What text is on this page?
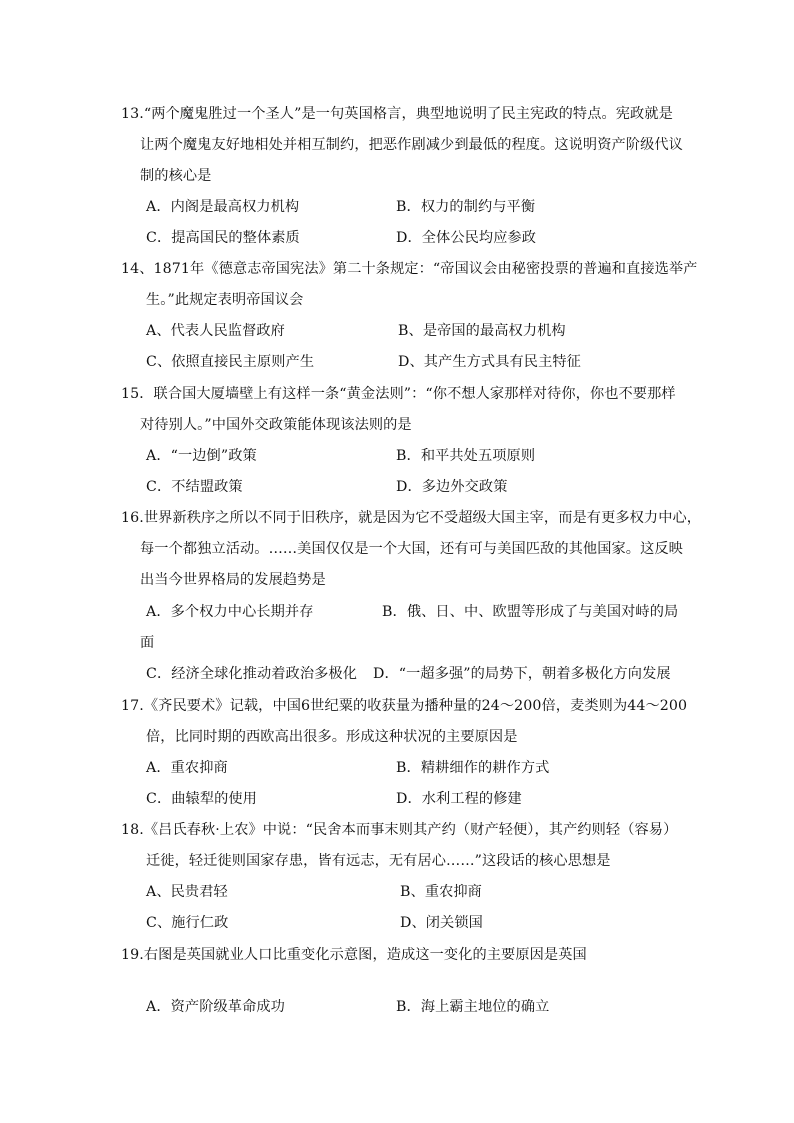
13.“两个魔鬼胜过一个圣人”是一句英国格言，典型地说明了民主宪政的特点。宪政就是
让两个魔鬼友好地相处并相互制约，把恶作剧减少到最低的程度。这说明资产阶级代议
制的核心是
A．内阁是最高权力机构	B．权力的制约与平衡
C．提高国民的整体素质	D．全体公民均应参政
14、1871年《德意志帝国宪法》第二十条规定：“帝国议会由秘密投票的普遍和直接选举产
生。”此规定表明帝国议会
A、代表人民监督政府	B、是帝国的最高权力机构
C、依照直接民主原则产生	D、其产生方式具有民主特征
15．联合国大厦墙壁上有这样一条“黄金法则”：“你不想人家那样对待你，你也不要那样
对待别人。”中国外交政策能体现该法则的是
A．“一边倒”政策	B．和平共处五项原则
C．不结盟政策	D．多边外交政策
16.世界新秩序之所以不同于旧秩序，就是因为它不受超级大国主宰，而是有更多权力中心，
每一个都独立活动。……美国仅仅是一个大国，还有可与美国匹敌的其他国家。这反映
出当今世界格局的发展趋势是
A．多个权力中心长期并存	B．俄、日、中、欧盟等形成了与美国对峙的局
面
C．经济全球化推动着政治多极化 D．“一超多强”的局势下，朝着多极化方向发展
17.《齐民要术》记载，中国6世纪粟的收获量为播种量的24～200倍，麦类则为44～200
倍，比同时期的西欧高出很多。形成这种状况的主要原因是
A．重农抑商	B．精耕细作的耕作方式
C．曲辕犁的使用	D．水利工程的修建
18.《吕氏春秋·上农》中说：“民舍本而事末则其产约（财产轻便），其产约则轻（容易）
迁徙，轻迁徙则国家存患，皆有远志，无有居心……”这段话的核心思想是
A、民贵君轻	B、重农抑商
C、施行仁政	D、闭关锁国
19.右图是英国就业人口比重变化示意图，造成这一变化的主要原因是英国
A．资产阶级革命成功	B．海上霸主地位的确立
